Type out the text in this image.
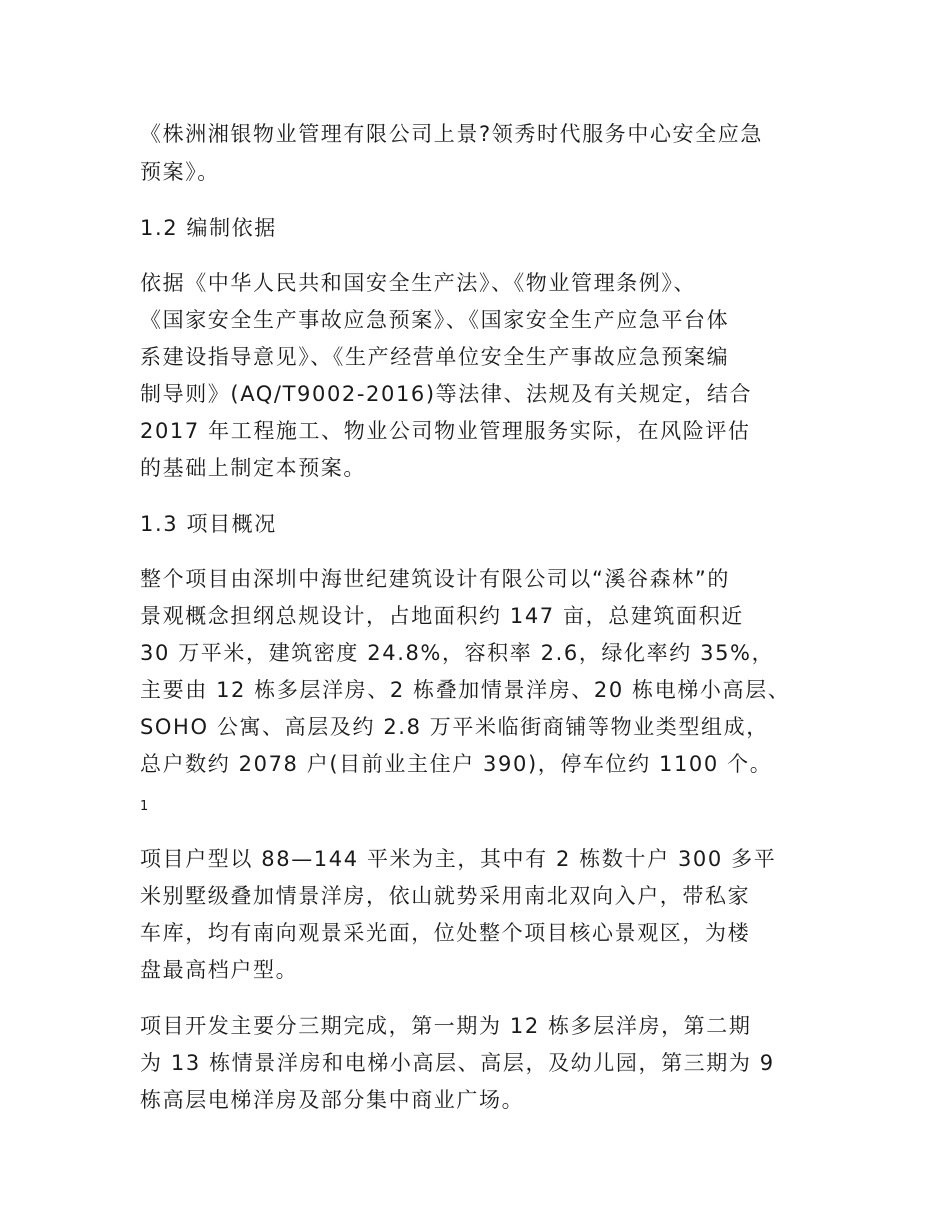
《株洲湘银物业管理有限公司上景?领秀时代服务中心安全应急
预案》。
1.2 编制依据
依据《中华人民共和国安全生产法》、《物业管理条例》、
《国家安全生产事故应急预案》、《国家安全生产应急平台体
系建设指导意见》、《生产经营单位安全生产事故应急预案编
制导则》(AQ/T9002-2016)等法律、法规及有关规定，结合
2017 年工程施工、物业公司物业管理服务实际，在风险评估
的基础上制定本预案。
1.3 项目概况
整个项目由深圳中海世纪建筑设计有限公司以“溪谷森林”的
景观概念担纲总规设计，占地面积约 147 亩，总建筑面积近
30 万平米，建筑密度 24.8%，容积率 2.6，绿化率约 35%，
主要由 12 栋多层洋房、2 栋叠加情景洋房、20 栋电梯小高层、
SOHO 公寓、高层及约 2.8 万平米临街商铺等物业类型组成，
总户数约 2078 户(目前业主住户 390)，停车位约 1100 个。
1
项目户型以 88—144 平米为主，其中有 2 栋数十户 300 多平
米别墅级叠加情景洋房，依山就势采用南北双向入户，带私家
车库，均有南向观景采光面，位处整个项目核心景观区，为楼
盘最高档户型。
项目开发主要分三期完成，第一期为 12 栋多层洋房，第二期
为 13 栋情景洋房和电梯小高层、高层，及幼儿园，第三期为 9
栋高层电梯洋房及部分集中商业广场。
